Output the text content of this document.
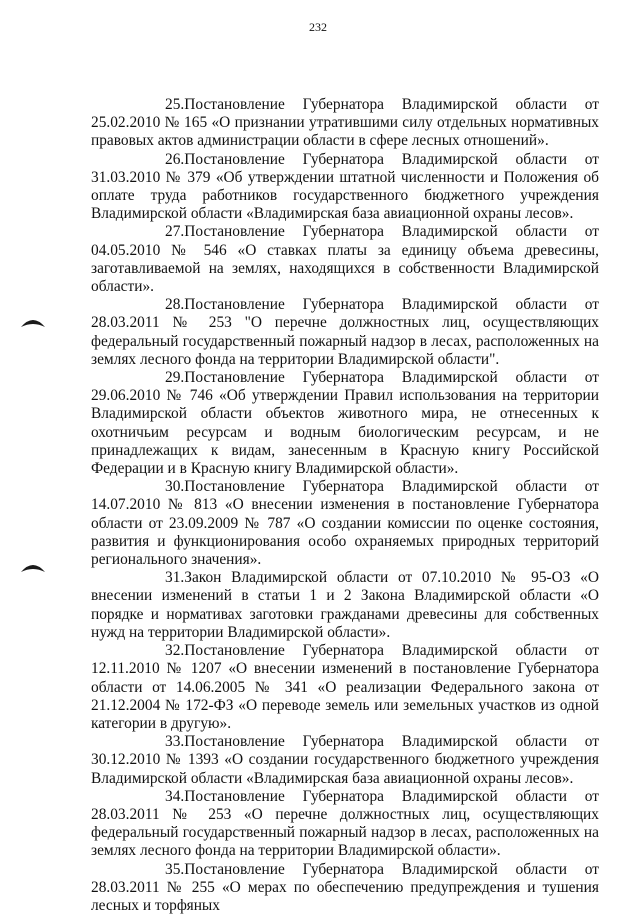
232

25.Постановление Губернатора Владимирской области от 25.02.2010 № 165 «О признании утратившими силу отдельных нормативных правовых актов администрации области в сфере лесных отношений».

26.Постановление Губернатора Владимирской области от 31.03.2010 № 379 «Об утверждении штатной численности и Положения об оплате труда работников государственного бюджетного учреждения Владимирской области «Владимирская база авиационной охраны лесов».

27.Постановление Губернатора Владимирской области от 04.05.2010 № 546 «О ставках платы за единицу объема древесины, заготавливаемой на землях, находящихся в собственности Владимирской области».

28.Постановление Губернатора Владимирской области от 28.03.2011 № 253 "О перечне должностных лиц, осуществляющих федеральный государственный пожарный надзор в лесах, расположенных на землях лесного фонда на территории Владимирской области".

29.Постановление Губернатора Владимирской области от 29.06.2010 № 746 «Об утверждении Правил использования на территории Владимирской области объектов животного мира, не отнесенных к охотничьим ресурсам и водным биологическим ресурсам, и не принадлежащих к видам, занесенным в Красную книгу Российской Федерации и в Красную книгу Владимирской области».

30.Постановление Губернатора Владимирской области от 14.07.2010 № 813 «О внесении изменения в постановление Губернатора области от 23.09.2009 № 787 «О создании комиссии по оценке состояния, развития и функционирования особо охраняемых природных территорий регионального значения».

31.Закон Владимирской области от 07.10.2010 № 95-ОЗ «О внесении изменений в статьи 1 и 2 Закона Владимирской области «О порядке и нормативах заготовки гражданами древесины для собственных нужд на территории Владимирской области».

32.Постановление Губернатора Владимирской области от 12.11.2010 № 1207 «О внесении изменений в постановление Губернатора области от 14.06.2005 № 341 «О реализации Федерального закона от 21.12.2004 № 172-ФЗ «О переводе земель или земельных участков из одной категории в другую».

33.Постановление Губернатора Владимирской области от 30.12.2010 № 1393 «О создании государственного бюджетного учреждения Владимирской области «Владимирская база авиационной охраны лесов».

34.Постановление Губернатора Владимирской области от 28.03.2011 № 253 «О перечне должностных лиц, осуществляющих федеральный государственный пожарный надзор в лесах, расположенных на землях лесного фонда на территории Владимирской области».

35.Постановление Губернатора Владимирской области от 28.03.2011 № 255 «О мерах по обеспечению предупреждения и тушения лесных и торфяных
